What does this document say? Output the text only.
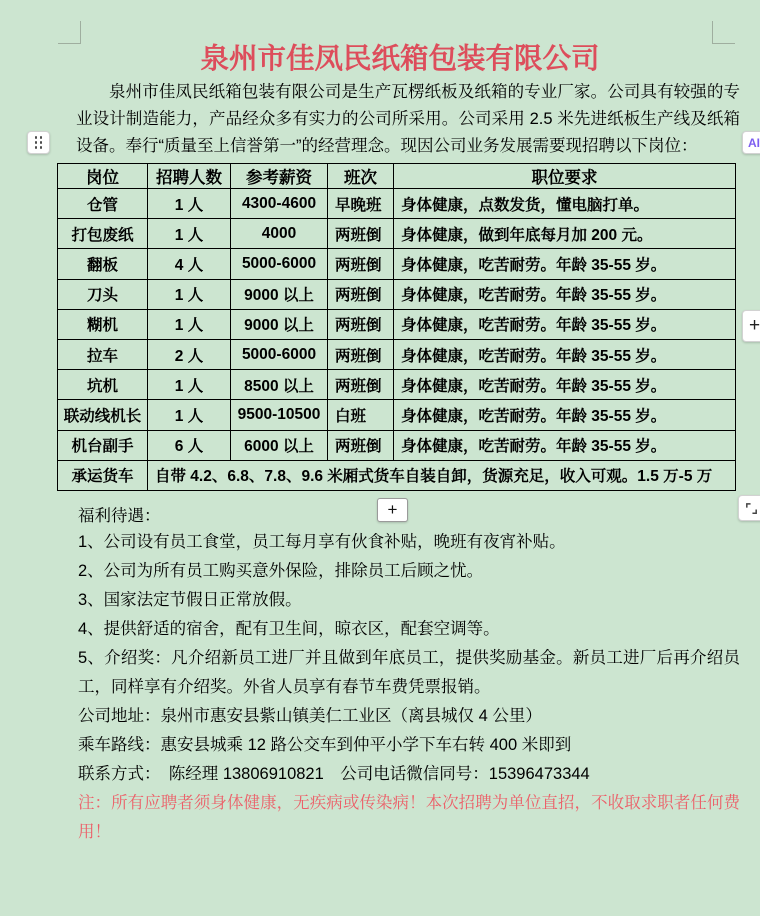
AI
+
泉州市佳凤民纸箱包装有限公司
泉州市佳凤民纸箱包装有限公司是生产瓦楞纸板及纸箱的专业厂家。公司具有较强的专业设计制造能力，产品经众多有实力的公司所采用。公司采用 2.5 米先进纸板生产线及纸箱设备。奉行“质量至上信誉第一”的经营理念。现因公司业务发展需要现招聘以下岗位：
岗位	招聘人数	参考薪资	班次	职位要求
仓管	1 人	4300-4600	早晚班	身体健康，点数发货，懂电脑打单。
打包废纸	1 人	4000	两班倒	身体健康，做到年底每月加 200 元。
翻板	4 人	5000-6000	两班倒	身体健康，吃苦耐劳。年龄 35-55 岁。
刀头	1 人	9000 以上	两班倒	身体健康，吃苦耐劳。年龄 35-55 岁。
糊机	1 人	9000 以上	两班倒	身体健康，吃苦耐劳。年龄 35-55 岁。
拉车	2 人	5000-6000	两班倒	身体健康，吃苦耐劳。年龄 35-55 岁。
坑机	1 人	8500 以上	两班倒	身体健康，吃苦耐劳。年龄 35-55 岁。
联动线机长	1 人	9500-10500	白班	身体健康，吃苦耐劳。年龄 35-55 岁。
机台副手	6 人	6000 以上	两班倒	身体健康，吃苦耐劳。年龄 35-55 岁。
承运货车	自带 4.2、6.8、7.8、9.6 米厢式货车自装自卸，货源充足，收入可观。1.5 万-5 万			
福利待遇：	+
1、公司设有员工食堂，员工每月享有伙食补贴，晚班有夜宵补贴。
2、公司为所有员工购买意外保险，排除员工后顾之忧。
3、国家法定节假日正常放假。
4、提供舒适的宿舍，配有卫生间，晾衣区，配套空调等。
5、介绍奖：凡介绍新员工进厂并且做到年底员工，提供奖励基金。新员工进厂后再介绍员工，同样享有介绍奖。外省人员享有春节车费凭票报销。
公司地址：泉州市惠安县紫山镇美仁工业区（离县城仅 4 公里）
乘车路线：惠安县城乘 12 路公交车到仲平小学下车右转 400 米即到
联系方式：　陈经理 13806910821　公司电话微信同号：15396473344
注：所有应聘者须身体健康，无疾病或传染病！本次招聘为单位直招，不收取求职者任何费用！
